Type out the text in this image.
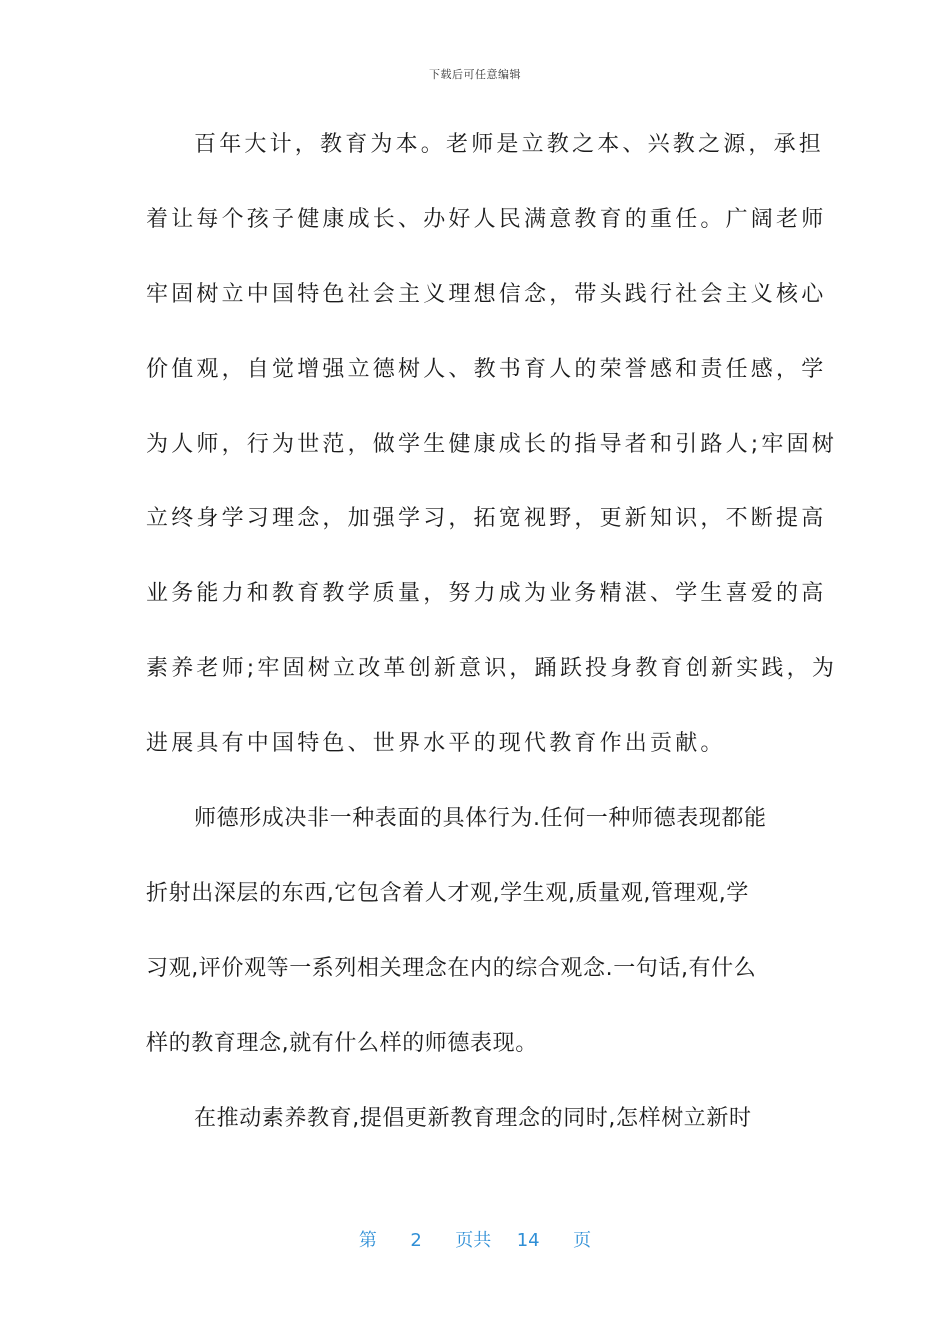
下载后可任意编辑
百年大计，教育为本。老师是立教之本、兴教之源，承担
着让每个孩子健康成长、办好人民满意教育的重任。广阔老师
牢固树立中国特色社会主义理想信念，带头践行社会主义核心
价值观，自觉增强立德树人、教书育人的荣誉感和责任感，学
为人师，行为世范，做学生健康成长的指导者和引路人;牢固树
立终身学习理念，加强学习，拓宽视野，更新知识，不断提高
业务能力和教育教学质量，努力成为业务精湛、学生喜爱的高
素养老师;牢固树立改革创新意识，踊跃投身教育创新实践，为
进展具有中国特色、世界水平的现代教育作出贡献。
师德形成决非一种表面的具体行为.任何一种师德表现都能
折射出深层的东西,它包含着人才观,学生观,质量观,管理观,学
习观,评价观等一系列相关理念在内的综合观念.一句话,有什么
样的教育理念,就有什么样的师德表现。
在推动素养教育,提倡更新教育理念的同时,怎样树立新时
第 2 页共 14 页
